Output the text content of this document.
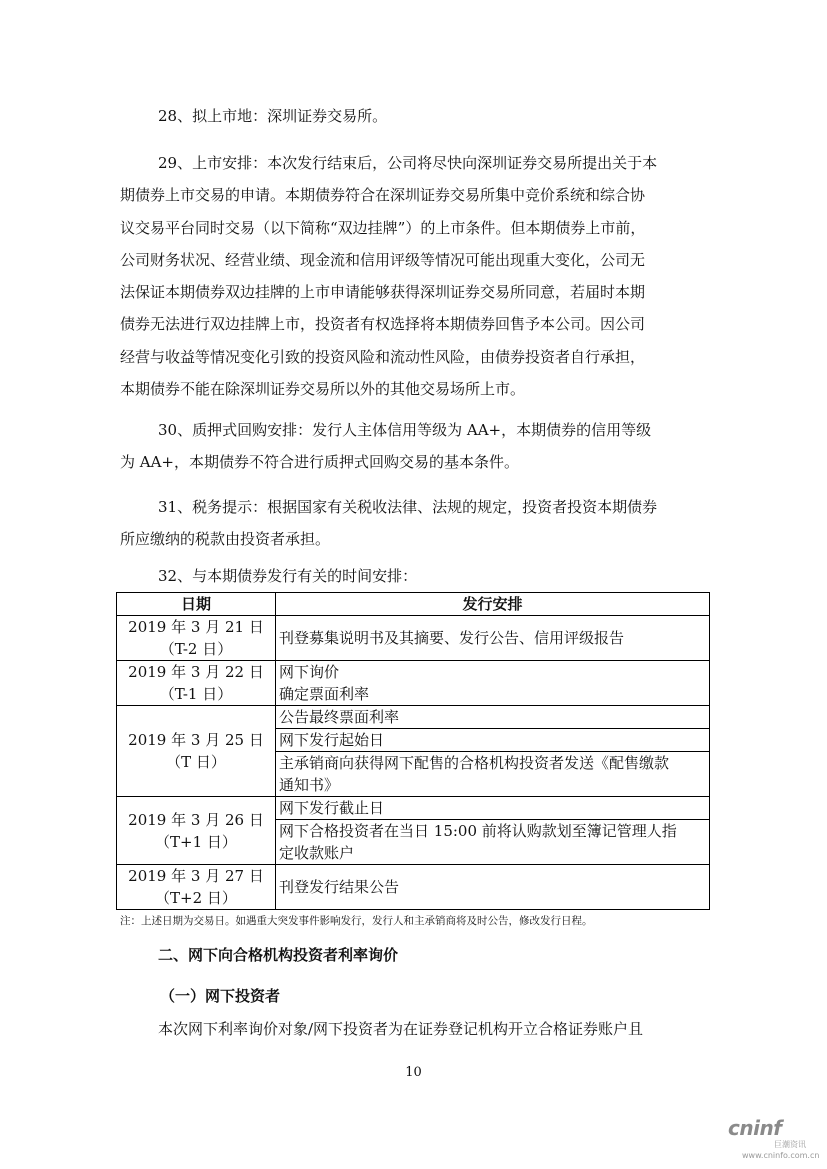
28、拟上市地：深圳证券交易所。
29、上市安排：本次发行结束后，公司将尽快向深圳证券交易所提出关于本
期债券上市交易的申请。本期债券符合在深圳证券交易所集中竞价系统和综合协
议交易平台同时交易（以下简称“双边挂牌”）的上市条件。但本期债券上市前，
公司财务状况、经营业绩、现金流和信用评级等情况可能出现重大变化，公司无
法保证本期债券双边挂牌的上市申请能够获得深圳证券交易所同意，若届时本期
债券无法进行双边挂牌上市，投资者有权选择将本期债券回售予本公司。因公司
经营与收益等情况变化引致的投资风险和流动性风险，由债券投资者自行承担，
本期债券不能在除深圳证券交易所以外的其他交易场所上市。
30、质押式回购安排：发行人主体信用等级为 AA+，本期债券的信用等级
为 AA+，本期债券不符合进行质押式回购交易的基本条件。
31、税务提示：根据国家有关税收法律、法规的规定，投资者投资本期债券
所应缴纳的税款由投资者承担。
32、与本期债券发行有关的时间安排：
日期	发行安排
2019 年 3 月 21 日
（T-2 日）	刊登募集说明书及其摘要、发行公告、信用评级报告
2019 年 3 月 22 日
（T-1 日）	网下询价
确定票面利率
2019 年 3 月 25 日
（T 日）	公告最终票面利率
	网下发行起始日
	主承销商向获得网下配售的合格机构投资者发送《配售缴款
通知书》
2019 年 3 月 26 日
（T+1 日）	网下发行截止日
	网下合格投资者在当日 15:00 前将认购款划至簿记管理人指
定收款账户
2019 年 3 月 27 日
（T+2 日）	刊登发行结果公告
注：上述日期为交易日。如遇重大突发事件影响发行，发行人和主承销商将及时公告，修改发行日程。
二、网下向合格机构投资者利率询价
（一）网下投资者
本次网下利率询价对象/网下投资者为在证券登记机构开立合格证券账户且
10
cninf
巨潮资讯
www.cninfo.com.cn
